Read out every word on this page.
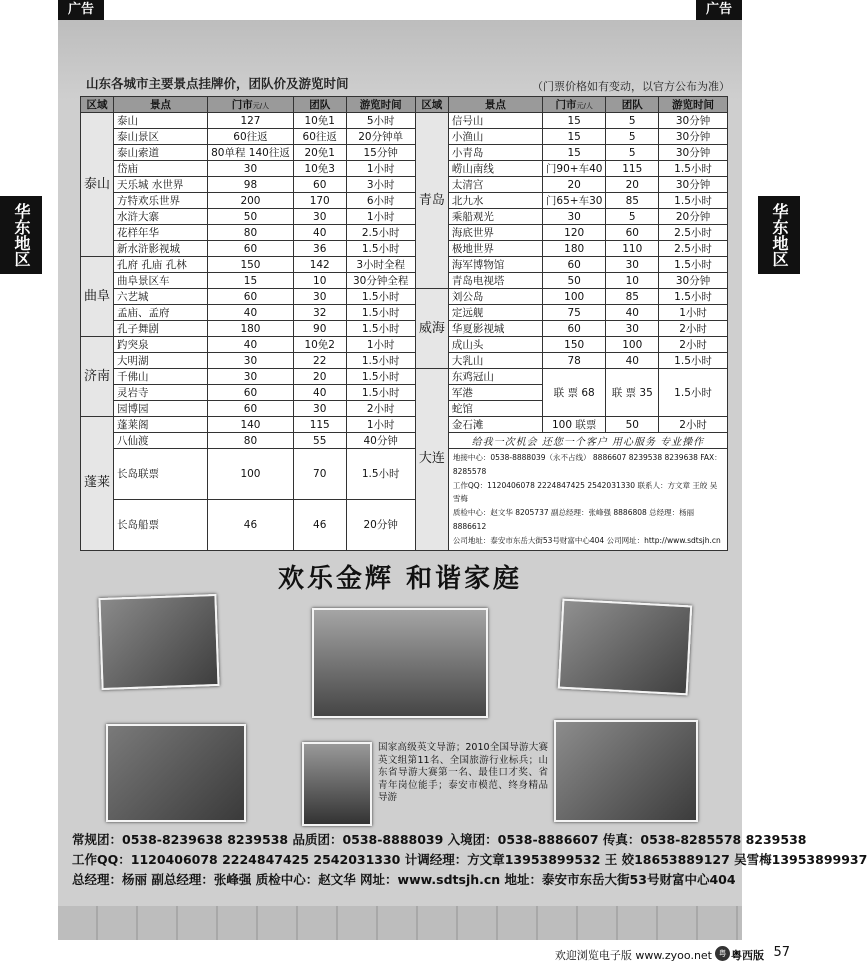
广告	广告
华东地区	华东地区
山东各城市主要景点挂牌价，团队价及游览时间	（门票价格如有变动，以官方公布为准）
区域	景点	门市元/人	团队	游览时间	区域	景点	门市元/人	团队	游览时间
泰山	泰山	127	10免1	5小时	青岛	信号山	15	5	30分钟
	泰山景区	60往返	60往返	20分钟单		小渔山	15	5	30分钟
	泰山索道	80单程 140往返	20免1	15分钟		小青岛	15	5	30分钟
	岱庙	30	10免3	1小时		崂山南线	门90+车40	115	1.5小时
	天乐城 水世界	98	60	3小时		太清宫	20	20	30分钟
	方特欢乐世界	200	170	6小时		北九水	门65+车30	85	1.5小时
	水浒大寨	50	30	1小时		乘船观光	30	5	20分钟
	花样年华	80	40	2.5小时		海底世界	120	60	2.5小时
	新水浒影视城	60	36	1.5小时		极地世界	180	110	2.5小时
曲阜	孔府 孔庙 孔林	150	142	3小时全程		海军博物馆	60	30	1.5小时
	曲阜景区车	15	10	30分钟全程		青岛电视塔	50	10	30分钟
	六艺城	60	30	1.5小时	威海	刘公岛	100	85	1.5小时
	孟庙、孟府	40	32	1.5小时		定远舰	75	40	1小时
	孔子舞剧	180	90	1.5小时		华夏影视城	60	30	2小时
济南	趵突泉	40	10免2	1小时		成山头	150	100	2小时
	大明湖	30	22	1.5小时		大乳山	78	40	1.5小时
	千佛山	30	20	1.5小时	大连	东鸡冠山	联 票 68	联 票 35	1.5小时
	灵岩寺	60	40	1.5小时		军港			
	园博园	60	30	2小时		蛇馆			
蓬莱	蓬莱阁	140	115	1小时		金石滩	100 联票	50	2小时
	八仙渡	80	55	40分钟		给我一次机会 还您一个客户 用心服务 专业操作			
	长岛联票	100	70	1.5小时		地接中心：0538-8888039（永不占线） 8886607 8239538 8239638 FAX：8285578
工作QQ：1120406078 2224847425 2542031330 联系人：方文章 王皎 吴雪梅
质检中心：赵文华 8205737 副总经理：张峰强 8886808 总经理：杨丽 8886612
公司地址：泰安市东岳大街53号财富中心404 公司网址：http://www.sdtsjh.cn			

	长岛船票	46	46	20分钟					
欢乐金辉 和谐家庭
国家高级英文导游；2010全国导游大赛英文组第11名、全国旅游行业标兵；山东省导游大赛第一名、最佳口才奖、省青年岗位能手；泰安市模范、终身精品导游
常规团：0538-8239638 8239538 品质团：0538-8888039 入境团：0538-8886607 传真：0538-8285578 8239538
工作QQ：1120406078 2224847425 2542031330 计调经理：方文章13953899532 王 姣18653889127 吴雪梅13953899937
总经理：杨丽 副总经理：张峰强 质检中心：赵文华 网址：www.sdtsjh.cn 地址：泰安市东岳大街53号财富中心404
欢迎浏览电子版 www.zyoo.net 粤 粤西版 57
